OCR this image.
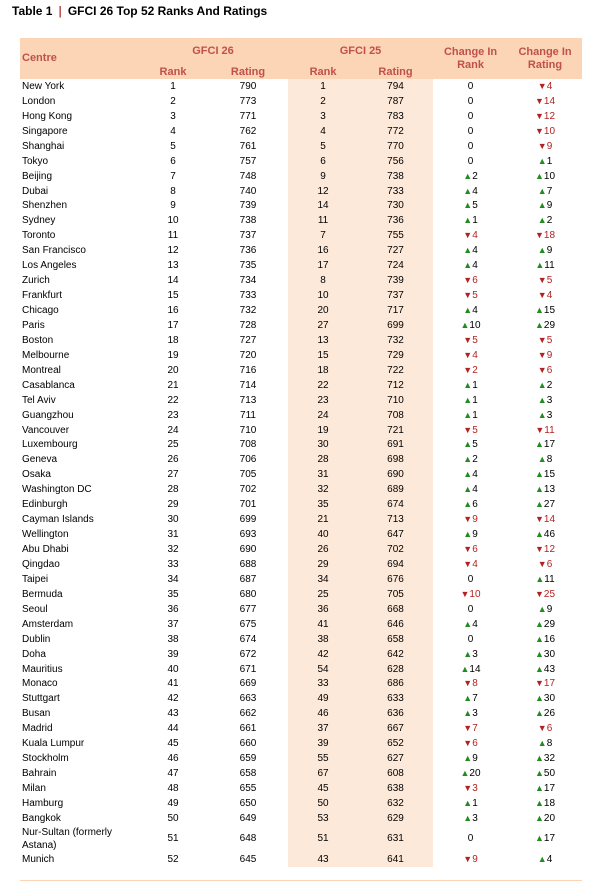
Table 1 | GFCI 26 Top 52 Ranks And Ratings
Centre	GFCI 26		GFCI 25		Change In Rank	Change In Rating
	Rank	Rating	Rank	Rating		
New York	1	790	1	794	0	▼4
London	2	773	2	787	0	▼14
Hong Kong	3	771	3	783	0	▼12
Singapore	4	762	4	772	0	▼10
Shanghai	5	761	5	770	0	▼9
Tokyo	6	757	6	756	0	▲1
Beijing	7	748	9	738	▲2	▲10
Dubai	8	740	12	733	▲4	▲7
Shenzhen	9	739	14	730	▲5	▲9
Sydney	10	738	11	736	▲1	▲2
Toronto	11	737	7	755	▼4	▼18
San Francisco	12	736	16	727	▲4	▲9
Los Angeles	13	735	17	724	▲4	▲11
Zurich	14	734	8	739	▼6	▼5
Frankfurt	15	733	10	737	▼5	▼4
Chicago	16	732	20	717	▲4	▲15
Paris	17	728	27	699	▲10	▲29
Boston	18	727	13	732	▼5	▼5
Melbourne	19	720	15	729	▼4	▼9
Montreal	20	716	18	722	▼2	▼6
Casablanca	21	714	22	712	▲1	▲2
Tel Aviv	22	713	23	710	▲1	▲3
Guangzhou	23	711	24	708	▲1	▲3
Vancouver	24	710	19	721	▼5	▼11
Luxembourg	25	708	30	691	▲5	▲17
Geneva	26	706	28	698	▲2	▲8
Osaka	27	705	31	690	▲4	▲15
Washington DC	28	702	32	689	▲4	▲13
Edinburgh	29	701	35	674	▲6	▲27
Cayman Islands	30	699	21	713	▼9	▼14
Wellington	31	693	40	647	▲9	▲46
Abu Dhabi	32	690	26	702	▼6	▼12
Qingdao	33	688	29	694	▼4	▼6
Taipei	34	687	34	676	0	▲11
Bermuda	35	680	25	705	▼10	▼25
Seoul	36	677	36	668	0	▲9
Amsterdam	37	675	41	646	▲4	▲29
Dublin	38	674	38	658	0	▲16
Doha	39	672	42	642	▲3	▲30
Mauritius	40	671	54	628	▲14	▲43
Monaco	41	669	33	686	▼8	▼17
Stuttgart	42	663	49	633	▲7	▲30
Busan	43	662	46	636	▲3	▲26
Madrid	44	661	37	667	▼7	▼6
Kuala Lumpur	45	660	39	652	▼6	▲8
Stockholm	46	659	55	627	▲9	▲32
Bahrain	47	658	67	608	▲20	▲50
Milan	48	655	45	638	▼3	▲17
Hamburg	49	650	50	632	▲1	▲18
Bangkok	50	649	53	629	▲3	▲20
Nur-Sultan (formerly Astana)	51	648	51	631	0	▲17
Munich	52	645	43	641	▼9	▲4
